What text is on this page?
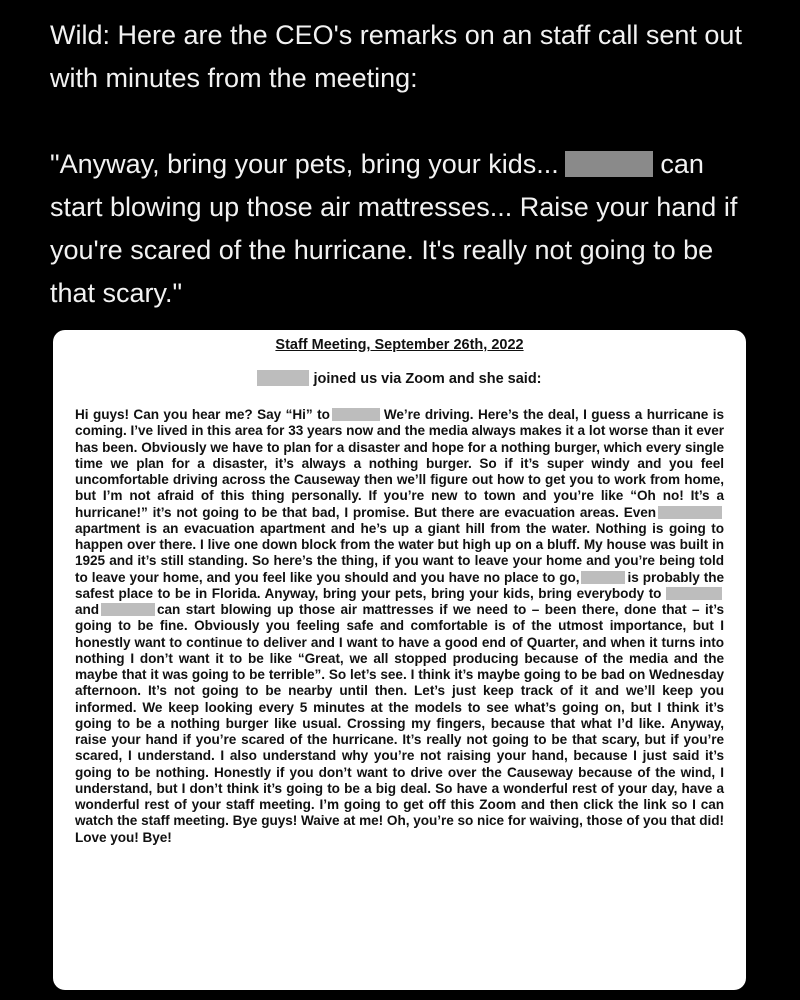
Wild: Here are the CEO's remarks on an staff call sent out with minutes from the meeting:

"Anyway, bring your pets, bring your kids...	can start blowing up those air mattresses... Raise your hand if you're scared of the hurricane. It's really not going to be that scary."

Staff Meeting, September 26th, 2022

joined us via Zoom and she said:

Hi guys! Can you hear me? Say “Hi” to	We’re driving. Here’s the deal, I guess a hurricane is coming. I’ve lived in this area for 33 years now and the media always makes it a lot worse than it ever has been. Obviously we have to plan for a disaster and hope for a nothing burger, which every single time we plan for a disaster, it’s always a nothing burger. So if it’s super windy and you feel uncomfortable driving across the Causeway then we’ll figure out how to get you to work from home, but I’m not afraid of this thing personally. If you’re new to town and you’re like “Oh no! It’s a hurricane!” it’s not going to be that bad, I promise. But there are evacuation areas. Evenapartment is an evacuation apartment and he’s up a giant hill from the water. Nothing is going to happen over there. I live one down block from the water but high up on a bluff. My house was built in 1925 and it’s still standing. So here’s the thing, if you want to leave your home and you’re being told to leave your home, and you feel like you should and you have no place to go,	is probably the safest place to be in Florida. Anyway, bring your pets, bring your kids, bring everybody to and	can start blowing up those air mattresses if we need to – been there, done that – it’s going to be fine. Obviously you feeling safe and comfortable is of the utmost importance, but I honestly want to continue to deliver and I want to have a good end of Quarter, and when it turns into nothing I don’t want it to be like “Great, we all stopped producing because of the media and the maybe that it was going to be terrible”. So let’s see. I think it’s maybe going to be bad on Wednesday afternoon. It’s not going to be nearby until then. Let’s just keep track of it and we’ll keep you informed. We keep looking every 5 minutes at the models to see what’s going on, but I think it’s going to be a nothing burger like usual. Crossing my fingers, because that what I’d like. Anyway, raise your hand if you’re scared of the hurricane. It’s really not going to be that scary, but if you’re scared, I understand. I also understand why you’re not raising your hand, because I just said it’s going to be nothing. Honestly if you don’t want to drive over the Causeway because of the wind, I understand, but I don’t think it’s going to be a big deal. So have a wonderful rest of your day, have a wonderful rest of your staff meeting. I’m going to get off this Zoom and then click the link so I can watch the staff meeting. Bye guys! Waive at me! Oh, you’re so nice for waiving, those of you that did! Love you! Bye!
